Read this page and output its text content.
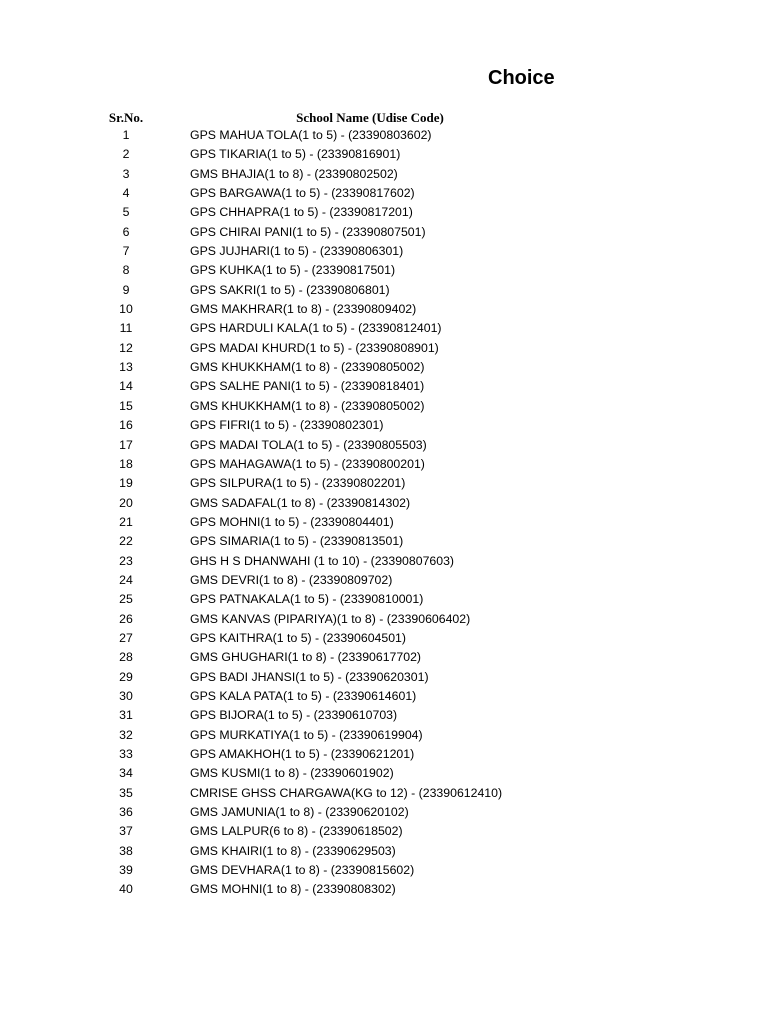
Choice
Sr.No.	School Name (Udise Code)
1	GPS MAHUA TOLA(1 to 5) - (23390803602)
2	GPS TIKARIA(1 to 5) - (23390816901)
3	GMS BHAJIA(1 to 8) - (23390802502)
4	GPS BARGAWA(1 to 5) - (23390817602)
5	GPS CHHAPRA(1 to 5) - (23390817201)
6	GPS CHIRAI PANI(1 to 5) - (23390807501)
7	GPS JUJHARI(1 to 5) - (23390806301)
8	GPS KUHKA(1 to 5) - (23390817501)
9	GPS SAKRI(1 to 5) - (23390806801)
10	GMS MAKHRAR(1 to 8) - (23390809402)
11	GPS HARDULI KALA(1 to 5) - (23390812401)
12	GPS MADAI KHURD(1 to 5) - (23390808901)
13	GMS KHUKKHAM(1 to 8) - (23390805002)
14	GPS SALHE PANI(1 to 5) - (23390818401)
15	GMS KHUKKHAM(1 to 8) - (23390805002)
16	GPS FIFRI(1 to 5) - (23390802301)
17	GPS MADAI TOLA(1 to 5) - (23390805503)
18	GPS MAHAGAWA(1 to 5) - (23390800201)
19	GPS SILPURA(1 to 5) - (23390802201)
20	GMS SADAFAL(1 to 8) - (23390814302)
21	GPS MOHNI(1 to 5) - (23390804401)
22	GPS SIMARIA(1 to 5) - (23390813501)
23	GHS H S DHANWAHI (1 to 10) - (23390807603)
24	GMS DEVRI(1 to 8) - (23390809702)
25	GPS PATNAKALA(1 to 5) - (23390810001)
26	GMS KANVAS (PIPARIYA)(1 to 8) - (23390606402)
27	GPS KAITHRA(1 to 5) - (23390604501)
28	GMS GHUGHARI(1 to 8) - (23390617702)
29	GPS BADI JHANSI(1 to 5) - (23390620301)
30	GPS KALA PATA(1 to 5) - (23390614601)
31	GPS BIJORA(1 to 5) - (23390610703)
32	GPS MURKATIYA(1 to 5) - (23390619904)
33	GPS AMAKHOH(1 to 5) - (23390621201)
34	GMS KUSMI(1 to 8) - (23390601902)
35	CMRISE GHSS CHARGAWA(KG to 12) - (23390612410)
36	GMS JAMUNIA(1 to 8) - (23390620102)
37	GMS LALPUR(6 to 8) - (23390618502)
38	GMS KHAIRI(1 to 8) - (23390629503)
39	GMS DEVHARA(1 to 8) - (23390815602)
40	GMS MOHNI(1 to 8) - (23390808302)
